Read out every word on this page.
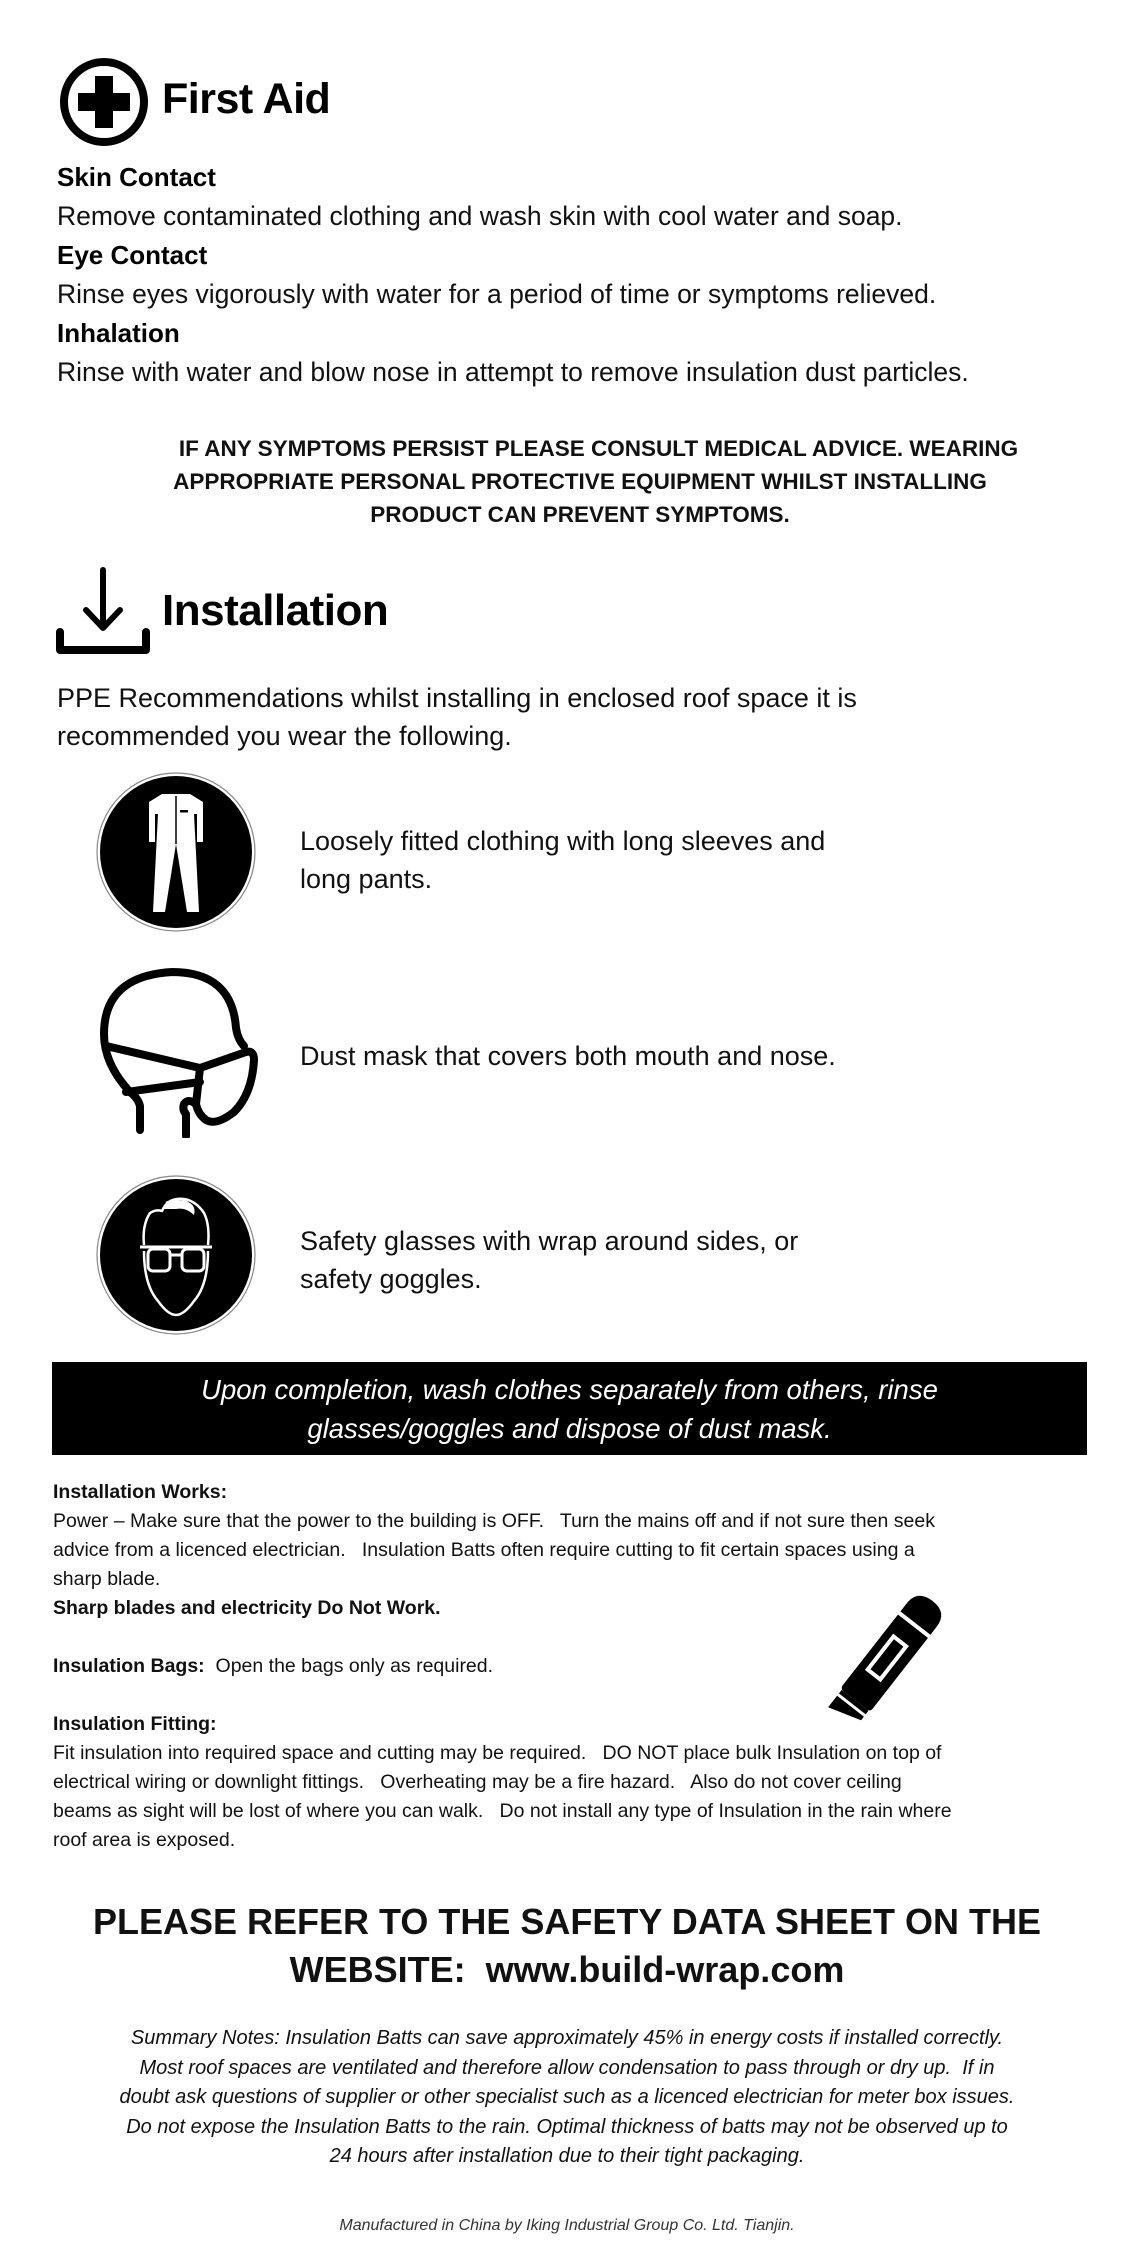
First Aid
Skin Contact
Remove contaminated clothing and wash skin with cool water and soap.
Eye Contact
Rinse eyes vigorously with water for a period of time or symptoms relieved.
Inhalation
Rinse with water and blow nose in attempt to remove insulation dust particles.
IF ANY SYMPTOMS PERSIST PLEASE CONSULT MEDICAL ADVICE. WEARING
APPROPRIATE PERSONAL PROTECTIVE EQUIPMENT WHILST INSTALLING
PRODUCT CAN PREVENT SYMPTOMS.
Installation
PPE Recommendations whilst installing in enclosed roof space it is
recommended you wear the following.
Loosely fitted clothing with long sleeves and
long pants.
Dust mask that covers both mouth and nose.
Safety glasses with wrap around sides, or
safety goggles.
Upon completion, wash clothes separately from others, rinse
glasses/goggles and dispose of dust mask.
Installation Works:
Power – Make sure that the power to the building is OFF.   Turn the mains off and if not sure then seek
advice from a licenced electrician.   Insulation Batts often require cutting to fit certain spaces using a
sharp blade.
Sharp blades and electricity Do Not Work.
Insulation Bags: Open the bags only as required.
Insulation Fitting:
Fit insulation into required space and cutting may be required.   DO NOT place bulk Insulation on top of
electrical wiring or downlight fittings.   Overheating may be a fire hazard.   Also do not cover ceiling
beams as sight will be lost of where you can walk.   Do not install any type of Insulation in the rain where
roof area is exposed.
PLEASE REFER TO THE SAFETY DATA SHEET ON THE
WEBSITE:  www.build-wrap.com
Summary Notes: Insulation Batts can save approximately 45% in energy costs if installed correctly.
Most roof spaces are ventilated and therefore allow condensation to pass through or dry up.  If in
doubt ask questions of supplier or other specialist such as a licenced electrician for meter box issues.
Do not expose the Insulation Batts to the rain. Optimal thickness of batts may not be observed up to
24 hours after installation due to their tight packaging.
Manufactured in China by Iking Industrial Group Co. Ltd. Tianjin.
